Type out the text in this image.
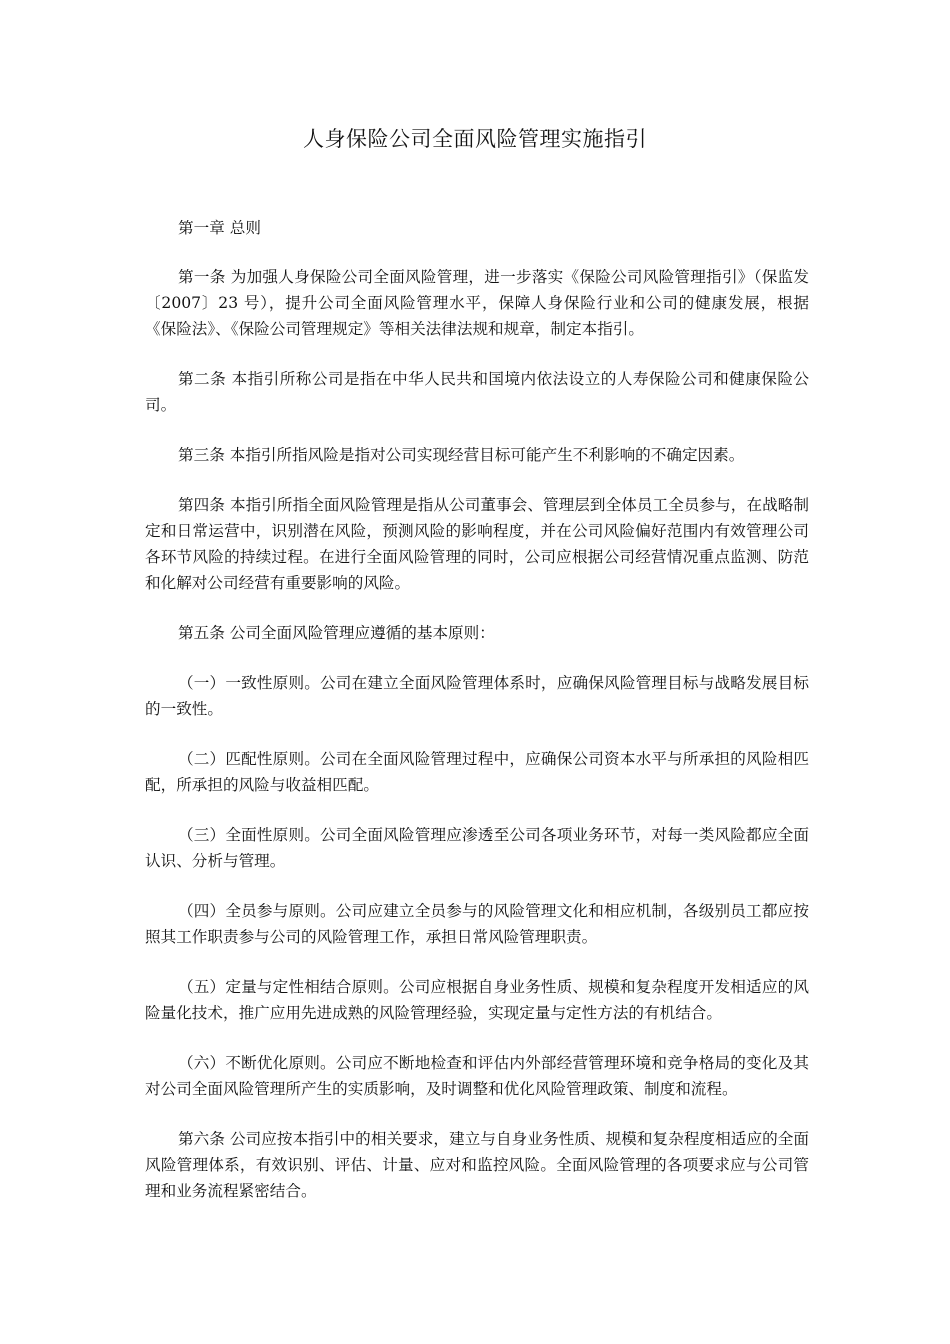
人身保险公司全面风险管理实施指引

第一章 总则

第一条 为加强人身保险公司全面风险管理，进一步落实《保险公司风险管理指引》（保监发〔2007〕23 号），提升公司全面风险管理水平，保障人身保险行业和公司的健康发展，根据《保险法》、《保险公司管理规定》等相关法律法规和规章，制定本指引。

第二条 本指引所称公司是指在中华人民共和国境内依法设立的人寿保险公司和健康保险公司。

第三条 本指引所指风险是指对公司实现经营目标可能产生不利影响的不确定因素。

第四条 本指引所指全面风险管理是指从公司董事会、管理层到全体员工全员参与，在战略制定和日常运营中，识别潜在风险，预测风险的影响程度，并在公司风险偏好范围内有效管理公司各环节风险的持续过程。在进行全面风险管理的同时，公司应根据公司经营情况重点监测、防范和化解对公司经营有重要影响的风险。

第五条 公司全面风险管理应遵循的基本原则：

（一）一致性原则。公司在建立全面风险管理体系时，应确保风险管理目标与战略发展目标的一致性。

（二）匹配性原则。公司在全面风险管理过程中，应确保公司资本水平与所承担的风险相匹配，所承担的风险与收益相匹配。

（三）全面性原则。公司全面风险管理应渗透至公司各项业务环节，对每一类风险都应全面认识、分析与管理。

（四）全员参与原则。公司应建立全员参与的风险管理文化和相应机制，各级别员工都应按照其工作职责参与公司的风险管理工作，承担日常风险管理职责。

（五）定量与定性相结合原则。公司应根据自身业务性质、规模和复杂程度开发相适应的风险量化技术，推广应用先进成熟的风险管理经验，实现定量与定性方法的有机结合。

（六）不断优化原则。公司应不断地检查和评估内外部经营管理环境和竞争格局的变化及其对公司全面风险管理所产生的实质影响，及时调整和优化风险管理政策、制度和流程。

第六条 公司应按本指引中的相关要求，建立与自身业务性质、规模和复杂程度相适应的全面风险管理体系，有效识别、评估、计量、应对和监控风险。全面风险管理的各项要求应与公司管理和业务流程紧密结合。
